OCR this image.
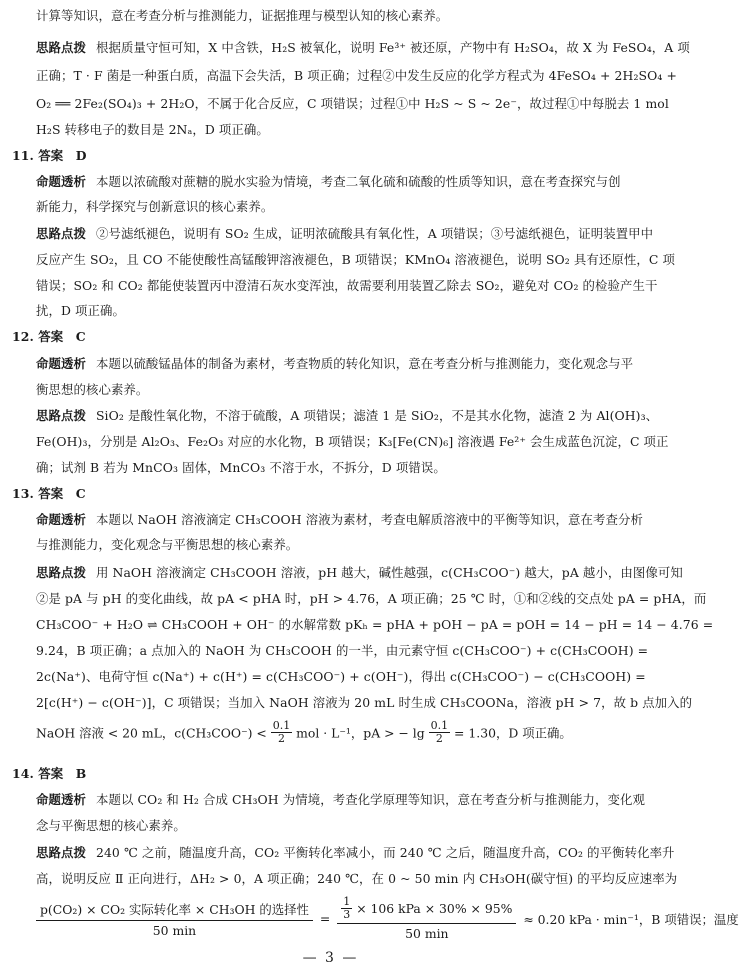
计算等知识，意在考查分析与推测能力，证据推理与模型认知的核心素养。
思路点拨 根据质量守恒可知，X 中含铁，H₂S 被氧化，说明 Fe³⁺ 被还原，产物中有 H₂SO₄，故 X 为 FeSO₄，A 项
正确；T · F 菌是一种蛋白质，高温下会失活，B 项正确；过程②中发生反应的化学方程式为 4FeSO₄ + 2H₂SO₄ +
O₂ ══ 2Fe₂(SO₄)₃ + 2H₂O，不属于化合反应，C 项错误；过程①中 H₂S ~ S ~ 2e⁻，故过程①中每脱去 1 mol
H₂S 转移电子的数目是 2Nₐ，D 项正确。
11. 答案　D
命题透析 本题以浓硫酸对蔗糖的脱水实验为情境，考查二氧化硫和硫酸的性质等知识，意在考查探究与创
新能力，科学探究与创新意识的核心素养。
思路点拨 ②号滤纸褪色，说明有 SO₂ 生成，证明浓硫酸具有氧化性，A 项错误；③号滤纸褪色，证明装置甲中
反应产生 SO₂，且 CO 不能使酸性高锰酸钾溶液褪色，B 项错误；KMnO₄ 溶液褪色，说明 SO₂ 具有还原性，C 项
错误；SO₂ 和 CO₂ 都能使装置丙中澄清石灰水变浑浊，故需要利用装置乙除去 SO₂，避免对 CO₂ 的检验产生干
扰，D 项正确。
12. 答案　C
命题透析 本题以硫酸锰晶体的制备为素材，考查物质的转化知识，意在考查分析与推测能力，变化观念与平
衡思想的核心素养。
思路点拨 SiO₂ 是酸性氧化物，不溶于硫酸，A 项错误；滤渣 1 是 SiO₂，不是其水化物，滤渣 2 为 Al(OH)₃、
Fe(OH)₃，分别是 Al₂O₃、Fe₂O₃ 对应的水化物，B 项错误；K₃[Fe(CN)₆] 溶液遇 Fe²⁺ 会生成蓝色沉淀，C 项正
确；试剂 B 若为 MnCO₃ 固体，MnCO₃ 不溶于水，不拆分，D 项错误。
13. 答案　C
命题透析 本题以 NaOH 溶液滴定 CH₃COOH 溶液为素材，考查电解质溶液中的平衡等知识，意在考查分析
与推测能力，变化观念与平衡思想的核心素养。
思路点拨 用 NaOH 溶液滴定 CH₃COOH 溶液，pH 越大，碱性越强，c(CH₃COO⁻) 越大，pA 越小，由图像可知
②是 pA 与 pH 的变化曲线，故 pA < pHA 时，pH > 4.76，A 项正确；25 ℃ 时，①和②线的交点处 pA = pHA，而
CH₃COO⁻ + H₂O ⇌ CH₃COOH + OH⁻ 的水解常数 pKₕ = pHA + pOH − pA = pOH = 14 − pH = 14 − 4.76 =
9.24，B 项正确；a 点加入的 NaOH 为 CH₃COOH 的一半，由元素守恒 c(CH₃COO⁻) + c(CH₃COOH) =
2c(Na⁺)、电荷守恒 c(Na⁺) + c(H⁺) = c(CH₃COO⁻) + c(OH⁻)，得出 c(CH₃COO⁻) − c(CH₃COOH) =
2[c(H⁺) − c(OH⁻)]，C 项错误；当加入 NaOH 溶液为 20 mL 时生成 CH₃COONa，溶液 pH > 7，故 b 点加入的
NaOH 溶液 < 20 mL，$c(CH_3COO^-) < \frac{0.1}{2}$ mol · L⁻¹，pA > − $\lg \frac{0.1}{2} = 1.30$，D 项正确。
14. 答案　B
命题透析 本题以 CO₂ 和 H₂ 合成 CH₃OH 为情境，考查化学原理等知识，意在考查分析与推测能力，变化观
念与平衡思想的核心素养。
思路点拨 240 ℃ 之前，随温度升高，CO₂ 平衡转化率减小，而 240 ℃ 之后，随温度升高，CO₂ 的平衡转化率升
高，说明反应 Ⅱ 正向进行，ΔH₂ > 0，A 项正确；240 ℃，在 0 ~ 50 min 内 CH₃OH(碳守恒) 的平均反应速率为
$\frac{\text{p(CO₂) × CO₂ 实际转化率 × CH₃OH 的选择性}}{50 \min} = \frac{\frac{1}{3} \times 106 kPa \times 30\% \times 95\%}{50 \min} \approx 0.20$ kPa · min⁻¹，B 项错误；温度
— 3 —
